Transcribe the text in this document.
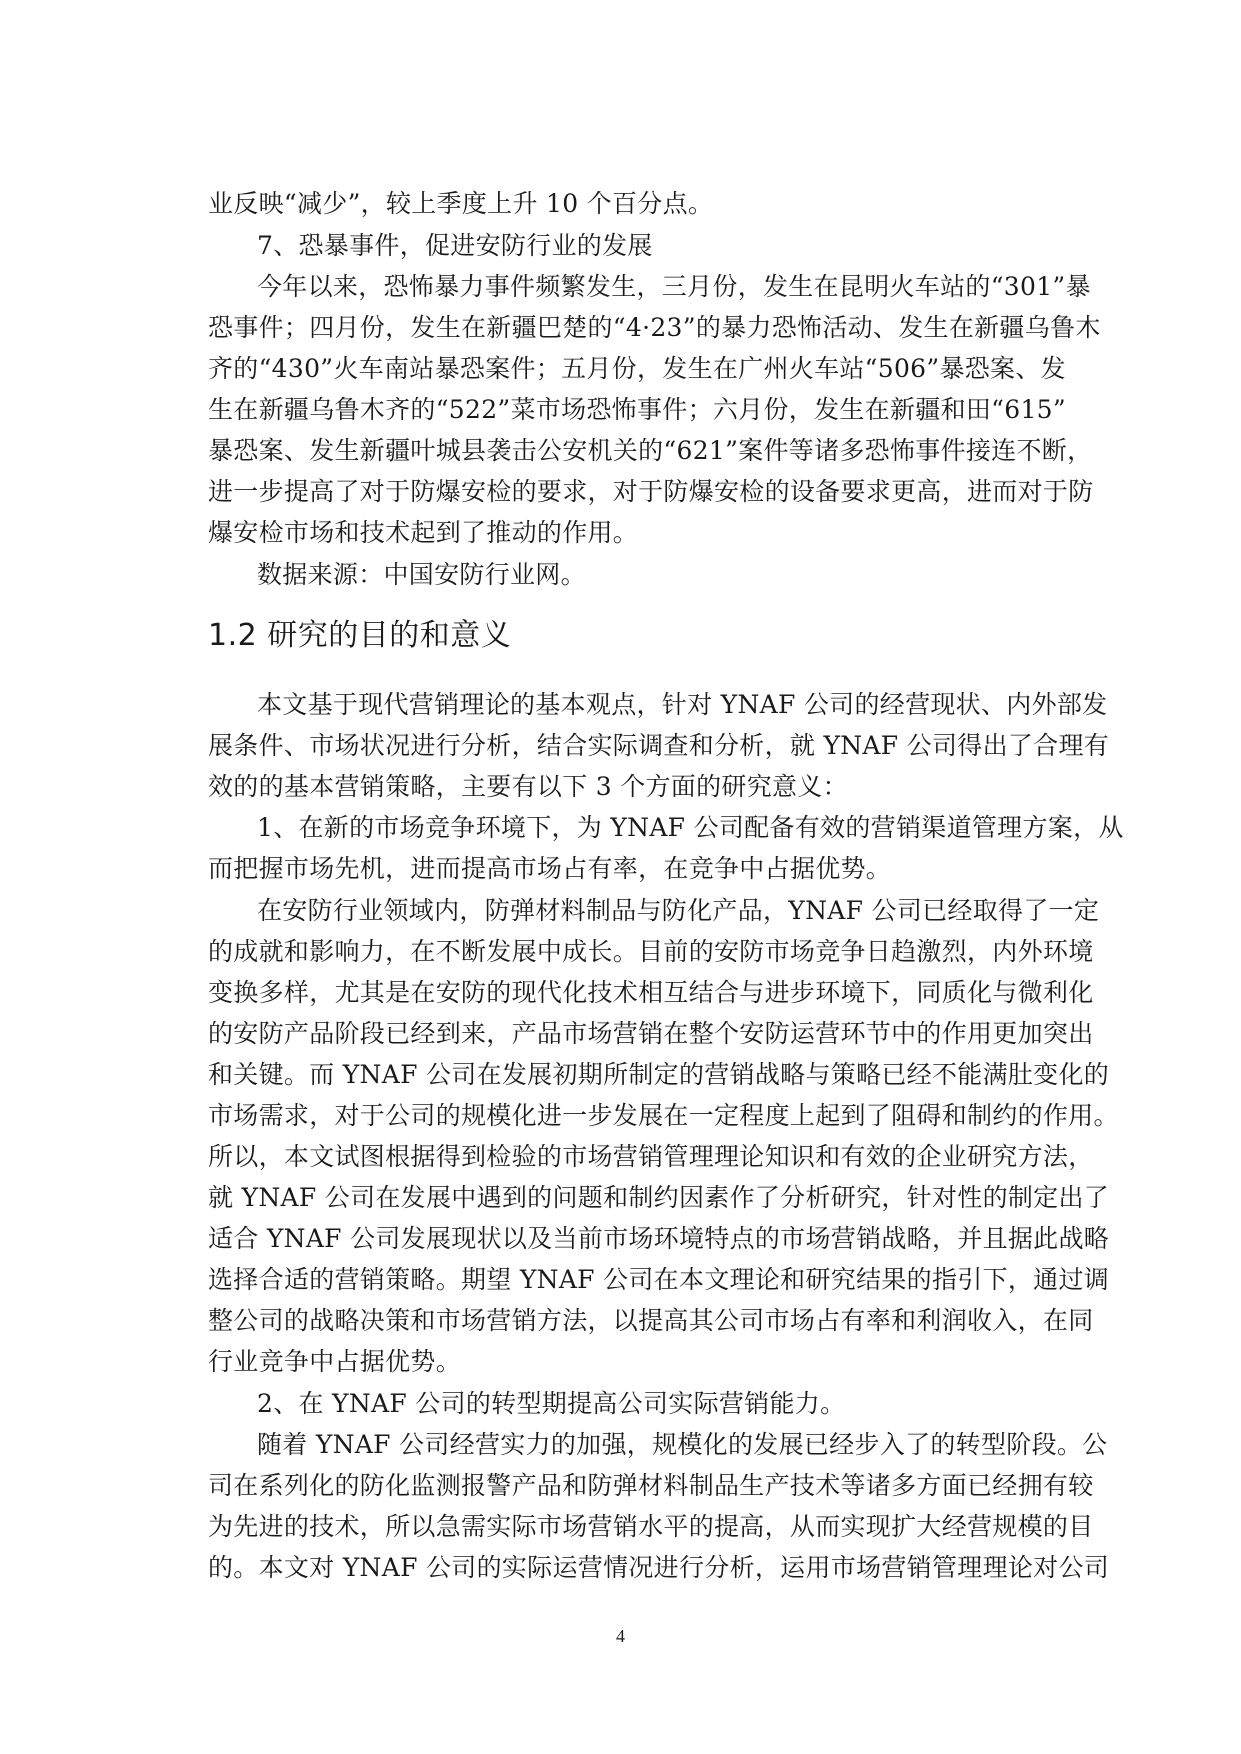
业反映“减少”，较上季度上升 10 个百分点。
7、恐暴事件，促进安防行业的发展
今年以来，恐怖暴力事件频繁发生，三月份，发生在昆明火车站的“301”暴
恐事件；四月份，发生在新疆巴楚的“4·23”的暴力恐怖活动、发生在新疆乌鲁木
齐的“430”火车南站暴恐案件；五月份，发生在广州火车站“506”暴恐案、发
生在新疆乌鲁木齐的“522”菜市场恐怖事件；六月份，发生在新疆和田“615”
暴恐案、发生新疆叶城县袭击公安机关的“621”案件等诸多恐怖事件接连不断，
进一步提高了对于防爆安检的要求，对于防爆安检的设备要求更高，进而对于防
爆安检市场和技术起到了推动的作用。
数据来源：中国安防行业网。
1.2 研究的目的和意义
本文基于现代营销理论的基本观点，针对 YNAF 公司的经营现状、内外部发
展条件、市场状况进行分析，结合实际调查和分析，就 YNAF 公司得出了合理有
效的的基本营销策略，主要有以下 3 个方面的研究意义：
1、在新的市场竞争环境下，为 YNAF 公司配备有效的营销渠道管理方案，从
而把握市场先机，进而提高市场占有率，在竞争中占据优势。
在安防行业领域内，防弹材料制品与防化产品，YNAF 公司已经取得了一定
的成就和影响力，在不断发展中成长。目前的安防市场竞争日趋激烈，内外环境
变换多样，尤其是在安防的现代化技术相互结合与进步环境下，同质化与微利化
的安防产品阶段已经到来，产品市场营销在整个安防运营环节中的作用更加突出
和关键。而 YNAF 公司在发展初期所制定的营销战略与策略已经不能满肚变化的
市场需求，对于公司的规模化进一步发展在一定程度上起到了阻碍和制约的作用。
所以，本文试图根据得到检验的市场营销管理理论知识和有效的企业研究方法，
就 YNAF 公司在发展中遇到的问题和制约因素作了分析研究，针对性的制定出了
适合 YNAF 公司发展现状以及当前市场环境特点的市场营销战略，并且据此战略
选择合适的营销策略。期望 YNAF 公司在本文理论和研究结果的指引下，通过调
整公司的战略决策和市场营销方法，以提高其公司市场占有率和利润收入，在同
行业竞争中占据优势。
2、在 YNAF 公司的转型期提高公司实际营销能力。
随着 YNAF 公司经营实力的加强，规模化的发展已经步入了的转型阶段。公
司在系列化的防化监测报警产品和防弹材料制品生产技术等诸多方面已经拥有较
为先进的技术，所以急需实际市场营销水平的提高，从而实现扩大经营规模的目
的。本文对 YNAF 公司的实际运营情况进行分析，运用市场营销管理理论对公司
4
